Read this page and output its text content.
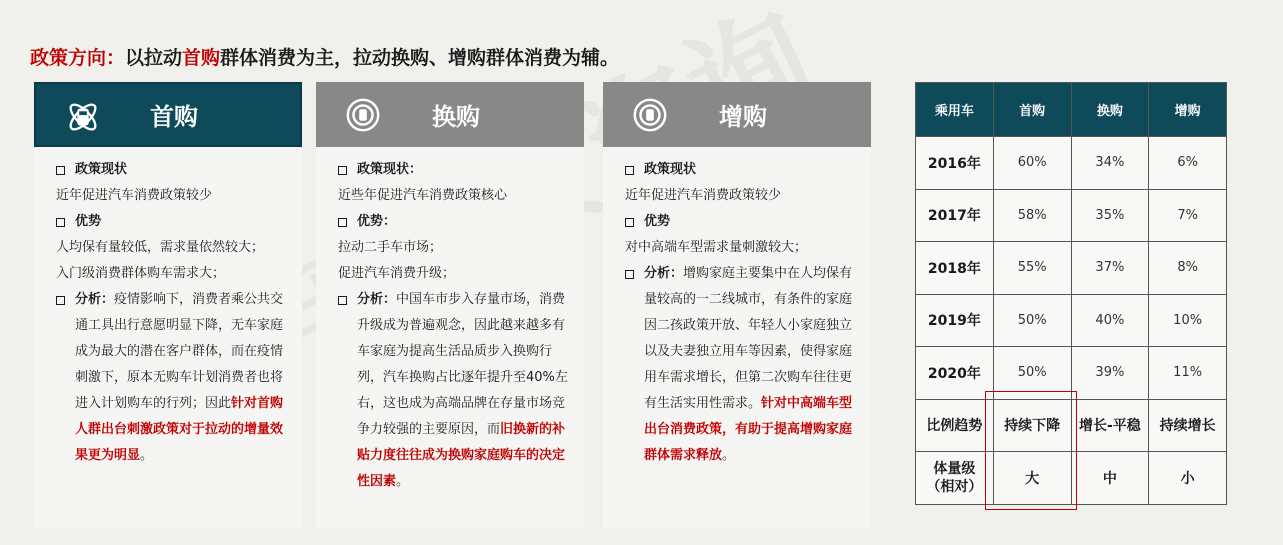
政策方向：以拉动首购群体消费为主，拉动换购、增购群体消费为辅。
首购
政策现状
近年促进汽车消费政策较少
优势
人均保有量较低，需求量依然较大；
入门级消费群体购车需求大；
分析：疫情影响下，消费者乘公共交通工具出行意愿明显下降，无车家庭成为最大的潜在客户群体，而在疫情刺激下，原本无购车计划消费者也将进入计划购车的行列；因此针对首购人群出台刺激政策对于拉动的增量效果更为明显。
换购
政策现状：
近些年促进汽车消费政策核心
优势：
拉动二手车市场；
促进汽车消费升级；
分析：中国车市步入存量市场，消费升级成为普遍观念，因此越来越多有车家庭为提高生活品质步入换购行列，汽车换购占比逐年提升至40%左右，这也成为高端品牌在存量市场竞争力较强的主要原因，而旧换新的补贴力度往往成为换购家庭购车的决定性因素。
增购
政策现状
近年促进汽车消费政策较少
优势
对中高端车型需求量刺激较大；
分析：增购家庭主要集中在人均保有量较高的一二线城市，有条件的家庭因二孩政策开放、年轻人小家庭独立以及夫妻独立用车等因素，使得家庭用车需求增长，但第二次购车往往更有生活实用性需求。针对中高端车型出台消费政策，有助于提高增购家庭群体需求释放。
乘用车	首购	换购	增购
2016年	60%	34%	6%
2017年	58%	35%	7%
2018年	55%	37%	8%
2019年	50%	40%	10%
2020年	50%	39%	11%
比例趋势	持续下降	增长-平稳	持续增长

体量级
（相对）	大	中	小
